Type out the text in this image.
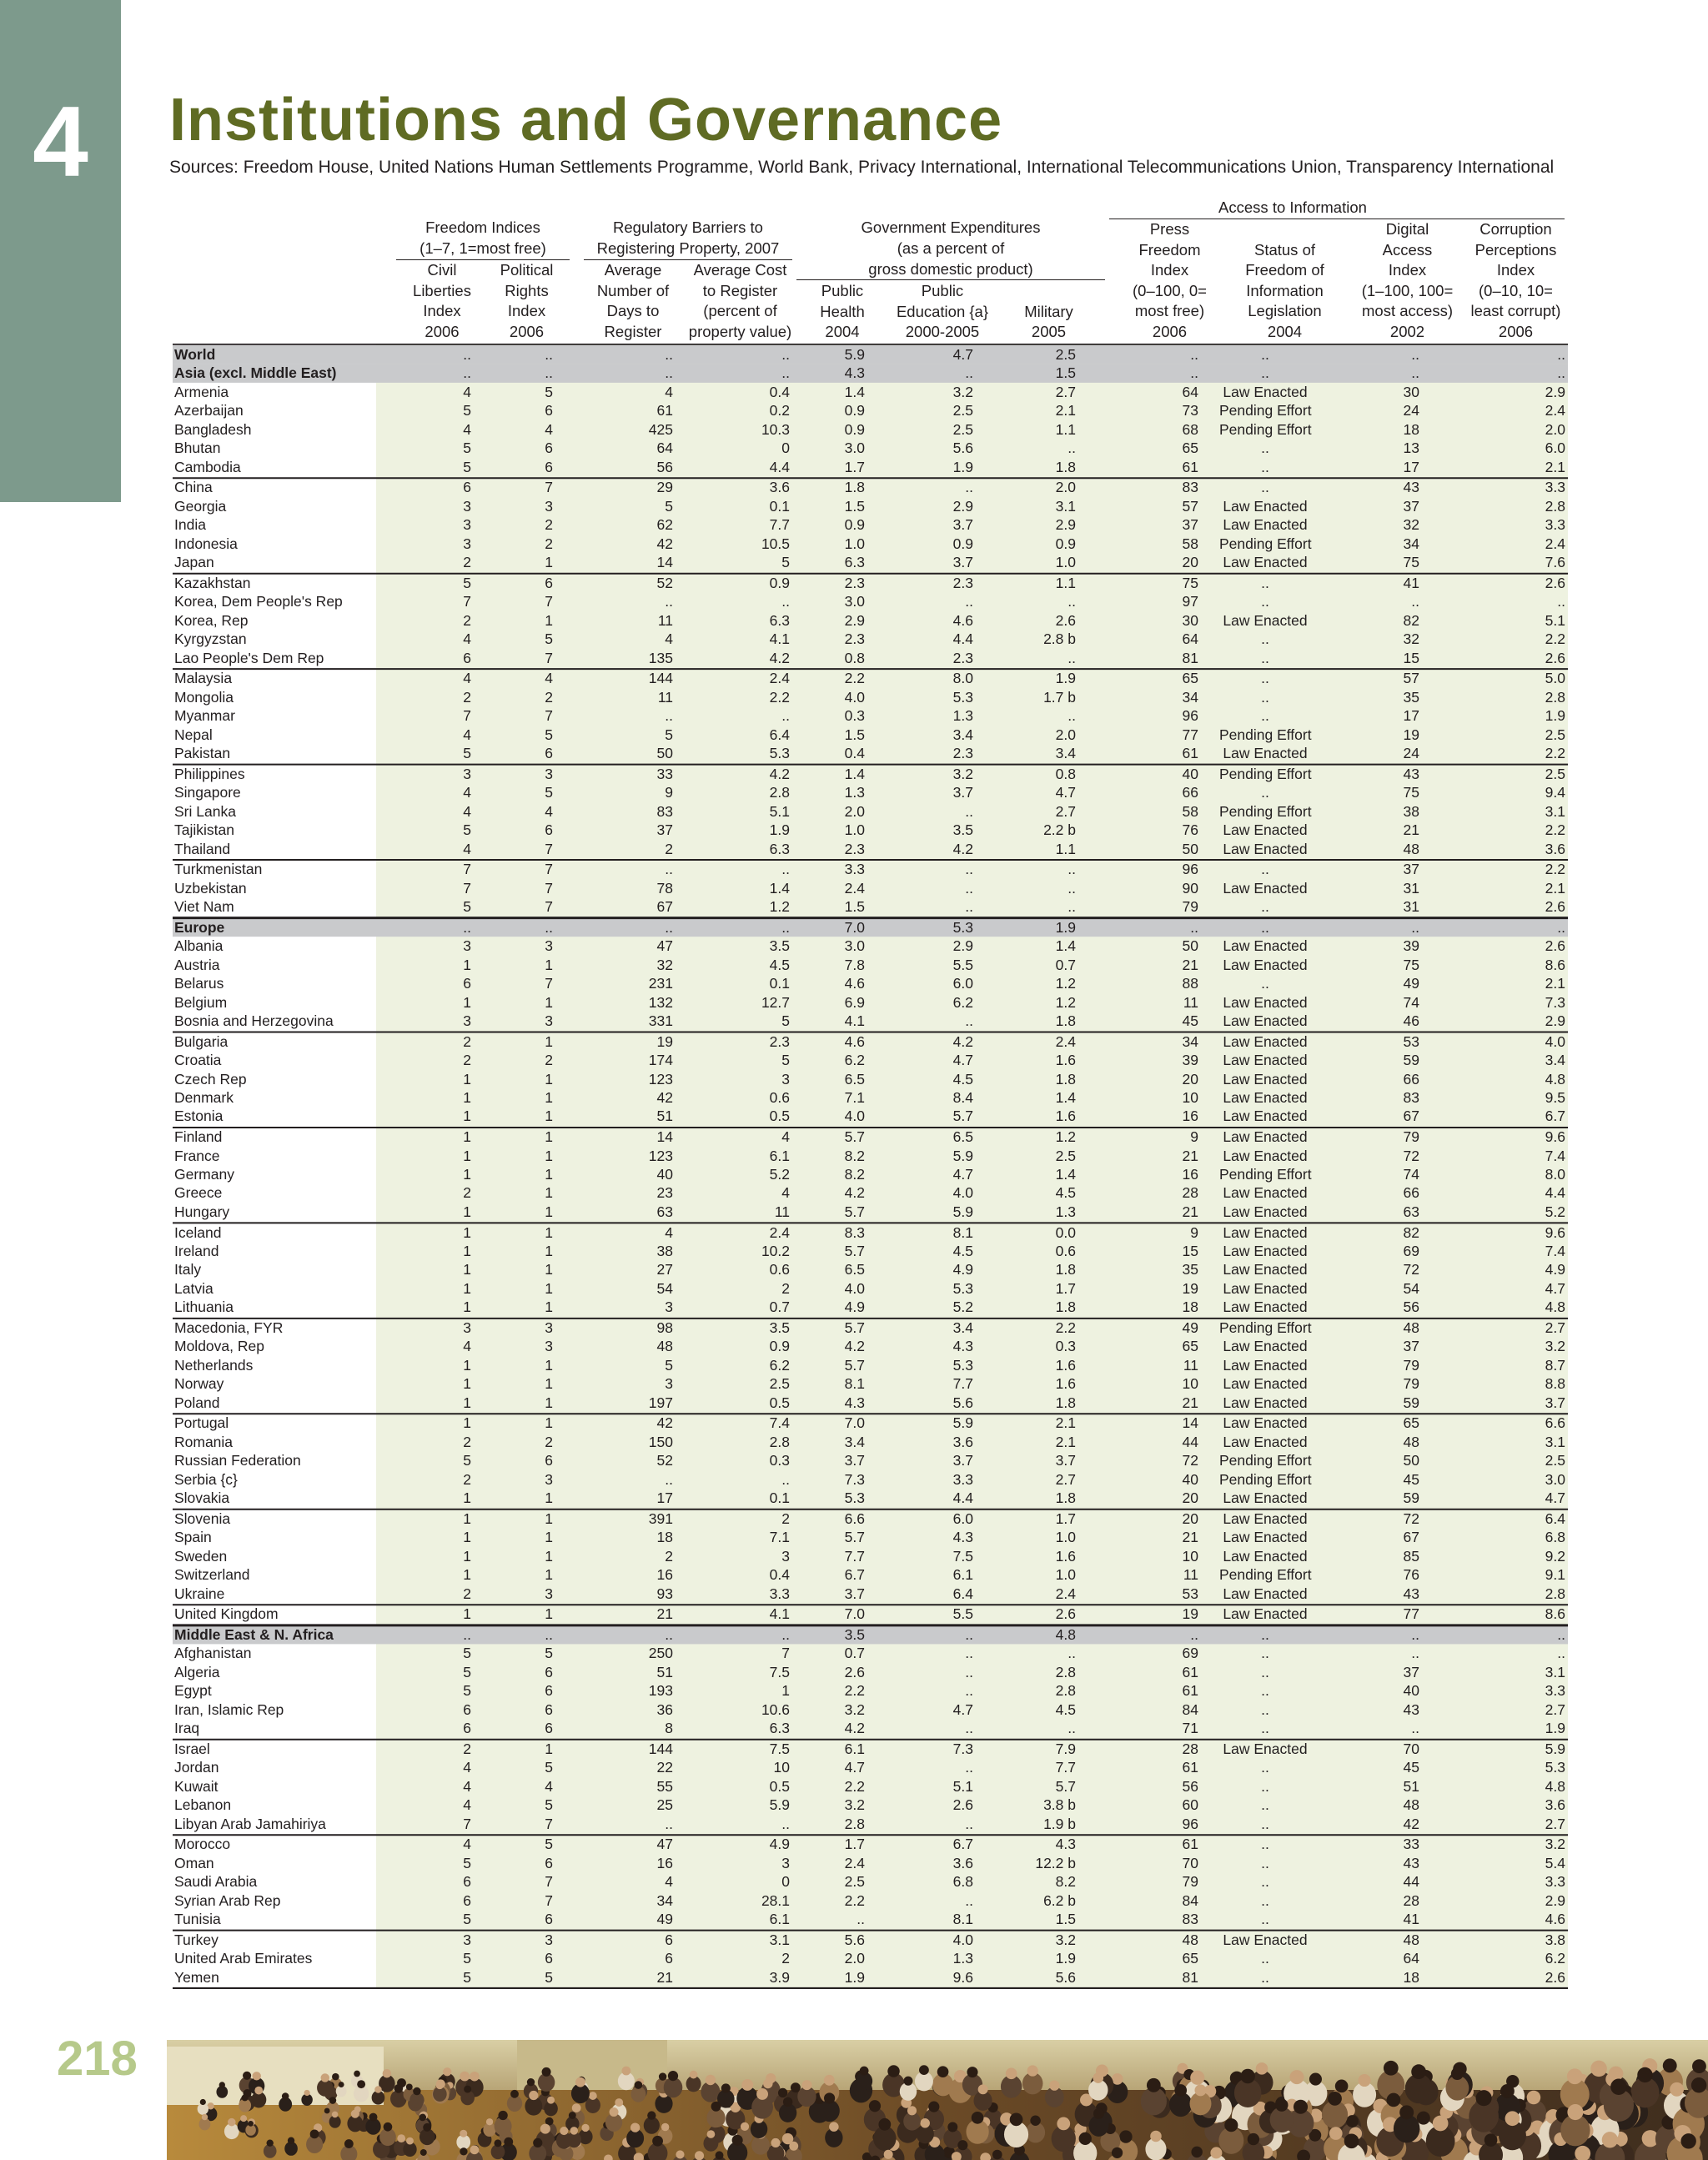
4	Institutions and Governance
Sources: Freedom House, United Nations Human Settlements Programme, World Bank, Privacy International, International Telecommunications Union, Transparency International
Access to Information
Freedom Indices
(1–7, 1=most free)
Regulatory Barriers to
Registering Property, 2007
Government Expenditures
(as a percent of
gross domestic product)
Civil
Liberties
Index
2006
Political
Rights
Index
2006
Average
Number of
Days to
Register
Average Cost
to Register
(percent of
property value)
Public
Health
2004
Public
Education {a}
2000-2005
Military
2005
Press
Freedom
Index
(0–100, 0=
most free)
2006
Status of
Freedom of
Information
Legislation
2004
Digital
Access
Index
(1–100, 100=
most access)
2002
Corruption
Perceptions
Index
(0–10, 10=
least corrupt)
2006
World	..	..	..	..	5.9	4.7	2.5	..	..	..	..
Asia (excl. Middle East)	..	..	..	..	4.3	..	1.5	..	..	..	..
Armenia	4	5	4	0.4	1.4	3.2	2.7	64 Law Enacted	30	2.9
Azerbaijan	5	6	61	0.2	0.9	2.5	2.1	73 Pending Effort	24	2.4
Bangladesh	4	4	425	10.3	0.9	2.5	1.1	68 Pending Effort	18	2.0
Bhutan	5	6	64	0	3.0	5.6	..	65	..	13	6.0
Cambodia	5	6	56	4.4	1.7	1.9	1.8	61	..	17	2.1
China	6	7	29	3.6	1.8	..	2.0	83	..	43	3.3
Georgia	3	3	5	0.1	1.5	2.9	3.1	57 Law Enacted	37	2.8
India	3	2	62	7.7	0.9	3.7	2.9	37 Law Enacted	32	3.3
Indonesia	3	2	42	10.5	1.0	0.9	0.9	58 Pending Effort	34	2.4
Japan	2	1	14	5	6.3	3.7	1.0	20 Law Enacted	75	7.6
Kazakhstan	5	6	52	0.9	2.3	2.3	1.1	75	..	41	2.6
Korea, Dem People's Rep	7	7	..	..	3.0	..	..	97	..	..	..
Korea, Rep	2	1	11	6.3	2.9	4.6	2.6	30 Law Enacted	82	5.1
Kyrgyzstan	4	5	4	4.1	2.3	4.4	2.8 b	64	..	32	2.2
Lao People's Dem Rep	6	7	135	4.2	0.8	2.3	..	81	..	15	2.6
Malaysia	4	4	144	2.4	2.2	8.0	1.9	65	..	57	5.0
Mongolia	2	2	11	2.2	4.0	5.3	1.7 b	34	..	35	2.8
Myanmar	7	7	..	..	0.3	1.3	..	96	..	17	1.9
Nepal	4	5	5	6.4	1.5	3.4	2.0	77 Pending Effort	19	2.5
Pakistan	5	6	50	5.3	0.4	2.3	3.4	61 Law Enacted	24	2.2
Philippines	3	3	33	4.2	1.4	3.2	0.8	40 Pending Effort	43	2.5
Singapore	4	5	9	2.8	1.3	3.7	4.7	66	..	75	9.4
Sri Lanka	4	4	83	5.1	2.0	..	2.7	58 Pending Effort	38	3.1
Tajikistan	5	6	37	1.9	1.0	3.5	2.2 b	76 Law Enacted	21	2.2
Thailand	4	7	2	6.3	2.3	4.2	1.1	50 Law Enacted	48	3.6
Turkmenistan	7	7	..	..	3.3	..	..	96	..	37	2.2
Uzbekistan	7	7	78	1.4	2.4	..	..	90 Law Enacted	31	2.1
Viet Nam	5	7	67	1.2	1.5	..	..	79	..	31	2.6
Europe	..	..	..	..	7.0	5.3	1.9	..	..	..	..
Albania	3	3	47	3.5	3.0	2.9	1.4	50 Law Enacted	39	2.6
Austria	1	1	32	4.5	7.8	5.5	0.7	21 Law Enacted	75	8.6
Belarus	6	7	231	0.1	4.6	6.0	1.2	88	..	49	2.1
Belgium	1	1	132	12.7	6.9	6.2	1.2	11 Law Enacted	74	7.3
Bosnia and Herzegovina	3	3	331	5	4.1	..	1.8	45 Law Enacted	46	2.9
Bulgaria	2	1	19	2.3	4.6	4.2	2.4	34 Law Enacted	53	4.0
Croatia	2	2	174	5	6.2	4.7	1.6	39 Law Enacted	59	3.4
Czech Rep	1	1	123	3	6.5	4.5	1.8	20 Law Enacted	66	4.8
Denmark	1	1	42	0.6	7.1	8.4	1.4	10 Law Enacted	83	9.5
Estonia	1	1	51	0.5	4.0	5.7	1.6	16 Law Enacted	67	6.7
Finland	1	1	14	4	5.7	6.5	1.2	9 Law Enacted	79	9.6
France	1	1	123	6.1	8.2	5.9	2.5	21 Law Enacted	72	7.4
Germany	1	1	40	5.2	8.2	4.7	1.4	16 Pending Effort	74	8.0
Greece	2	1	23	4	4.2	4.0	4.5	28 Law Enacted	66	4.4
Hungary	1	1	63	11	5.7	5.9	1.3	21 Law Enacted	63	5.2
Iceland	1	1	4	2.4	8.3	8.1	0.0	9 Law Enacted	82	9.6
Ireland	1	1	38	10.2	5.7	4.5	0.6	15 Law Enacted	69	7.4
Italy	1	1	27	0.6	6.5	4.9	1.8	35 Law Enacted	72	4.9
Latvia	1	1	54	2	4.0	5.3	1.7	19 Law Enacted	54	4.7
Lithuania	1	1	3	0.7	4.9	5.2	1.8	18 Law Enacted	56	4.8
Macedonia, FYR	3	3	98	3.5	5.7	3.4	2.2	49 Pending Effort	48	2.7
Moldova, Rep	4	3	48	0.9	4.2	4.3	0.3	65 Law Enacted	37	3.2
Netherlands	1	1	5	6.2	5.7	5.3	1.6	11 Law Enacted	79	8.7
Norway	1	1	3	2.5	8.1	7.7	1.6	10 Law Enacted	79	8.8
Poland	1	1	197	0.5	4.3	5.6	1.8	21 Law Enacted	59	3.7
Portugal	1	1	42	7.4	7.0	5.9	2.1	14 Law Enacted	65	6.6
Romania	2	2	150	2.8	3.4	3.6	2.1	44 Law Enacted	48	3.1
Russian Federation	5	6	52	0.3	3.7	3.7	3.7	72 Pending Effort	50	2.5
Serbia {c}	2	3	..	..	7.3	3.3	2.7	40 Pending Effort	45	3.0
Slovakia	1	1	17	0.1	5.3	4.4	1.8	20 Law Enacted	59	4.7
Slovenia	1	1	391	2	6.6	6.0	1.7	20 Law Enacted	72	6.4
Spain	1	1	18	7.1	5.7	4.3	1.0	21 Law Enacted	67	6.8
Sweden	1	1	2	3	7.7	7.5	1.6	10 Law Enacted	85	9.2
Switzerland	1	1	16	0.4	6.7	6.1	1.0	11 Pending Effort	76	9.1
Ukraine	2	3	93	3.3	3.7	6.4	2.4	53 Law Enacted	43	2.8
United Kingdom	1	1	21	4.1	7.0	5.5	2.6	19 Law Enacted	77	8.6
Middle East & N. Africa	..	..	..	..	3.5	..	4.8	..	..	..	..
Afghanistan	5	5	250	7	0.7	..	..	69	..	..	..
Algeria	5	6	51	7.5	2.6	..	2.8	61	..	37	3.1
Egypt	5	6	193	1	2.2	..	2.8	61	..	40	3.3
Iran, Islamic Rep	6	6	36	10.6	3.2	4.7	4.5	84	..	43	2.7
Iraq	6	6	8	6.3	4.2	..	..	71	..	..	1.9
Israel	2	1	144	7.5	6.1	7.3	7.9	28 Law Enacted	70	5.9
Jordan	4	5	22	10	4.7	..	7.7	61	..	45	5.3
Kuwait	4	4	55	0.5	2.2	5.1	5.7	56	..	51	4.8
Lebanon	4	5	25	5.9	3.2	2.6	3.8 b	60	..	48	3.6
Libyan Arab Jamahiriya	7	7	..	..	2.8	..	1.9 b	96	..	42	2.7
Morocco	4	5	47	4.9	1.7	6.7	4.3	61	..	33	3.2
Oman	5	6	16	3	2.4	3.6	12.2 b	70	..	43	5.4
Saudi Arabia	6	7	4	0	2.5	6.8	8.2	79	..	44	3.3
Syrian Arab Rep	6	7	34	28.1	2.2	..	6.2 b	84	..	28	2.9
Tunisia	5	6	49	6.1	..	8.1	1.5	83	..	41	4.6
Turkey	3	3	6	3.1	5.6	4.0	3.2	48 Law Enacted	48	3.8
United Arab Emirates	5	6	6	2	2.0	1.3	1.9	65	..	64	6.2
Yemen	5	5	21	3.9	1.9	9.6	5.6	81	..	18	2.6
218
